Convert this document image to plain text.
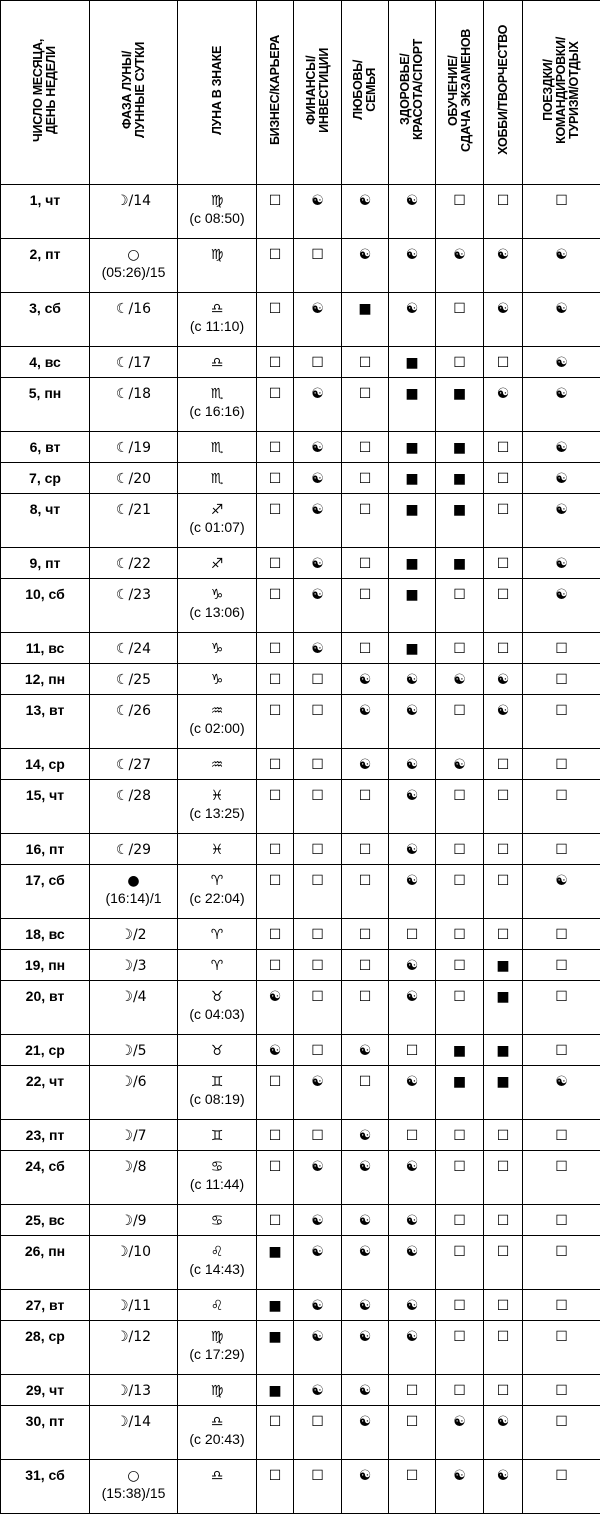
ЧИСЛО МЕСЯЦА,
ДЕНЬ НЕДЕЛИ	ФАЗА ЛУНЫ/
ЛУННЫЕ СУТКИ	ЛУНА В ЗНАКЕ	БИЗНЕС/КАРЬЕРА	ФИНАНСЫ/
ИНВЕСТИЦИИ	ЛЮБОВЬ/
СЕМЬЯ	ЗДОРОВЬЕ/
КРАСОТА/СПОРТ	ОБУЧЕНИЕ/
СДАЧА ЭКЗАМЕНОВ	ХОББИ/ТВОРЧЕСТВО	ПОЕЗДКИ/
КОМАНДИРОВКИ/
ТУРИЗМ/ОТДЫХ
1, чт	☽/14	♍
(с 08:50)	☐	☯	☯	☯	☐	☐	☐
2, пт	○
(05:26)/15	♍	☐	☐	☯	☯	☯	☯	☯
3, сб	☾/16	♎
(с 11:10)	☐	☯	■	☯	☐	☯	☯
4, вс	☾/17	♎	☐	☐	☐	■	☐	☐	☯
5, пн	☾/18	♏
(с 16:16)	☐	☯	☐	■	■	☯	☯
6, вт	☾/19	♏	☐	☯	☐	■	■	☐	☯
7, ср	☾/20	♏	☐	☯	☐	■	■	☐	☯
8, чт	☾/21	♐
(с 01:07)	☐	☯	☐	■	■	☐	☯
9, пт	☾/22	♐	☐	☯	☐	■	■	☐	☯
10, сб	☾/23	♑
(с 13:06)	☐	☯	☐	■	☐	☐	☯
11, вс	☾/24	♑	☐	☯	☐	■	☐	☐	☐
12, пн	☾/25	♑	☐	☐	☯	☯	☯	☯	☐
13, вт	☾/26	♒
(с 02:00)	☐	☐	☯	☯	☐	☯	☐
14, ср	☾/27	♒	☐	☐	☯	☯	☯	☐	☐
15, чт	☾/28	♓
(с 13:25)	☐	☐	☐	☯	☐	☐	☐
16, пт	☾/29	♓	☐	☐	☐	☯	☐	☐	☐
17, сб	●
(16:14)/1	♈
(с 22:04)	☐	☐	☐	☯	☐	☐	☯
18, вс	☽/2	♈	☐	☐	☐	☐	☐	☐	☐
19, пн	☽/3	♈	☐	☐	☐	☯	☐	■	☐
20, вт	☽/4	♉
(с 04:03)	☯	☐	☐	☯	☐	■	☐
21, ср	☽/5	♉	☯	☐	☯	☐	■	■	☐
22, чт	☽/6	♊
(с 08:19)	☐	☯	☐	☯	■	■	☯
23, пт	☽/7	♊	☐	☐	☯	☐	☐	☐	☐
24, сб	☽/8	♋
(с 11:44)	☐	☯	☯	☯	☐	☐	☐
25, вс	☽/9	♋	☐	☯	☯	☯	☐	☐	☐
26, пн	☽/10	♌
(с 14:43)	■	☯	☯	☯	☐	☐	☐
27, вт	☽/11	♌	■	☯	☯	☯	☐	☐	☐
28, ср	☽/12	♍
(с 17:29)	■	☯	☯	☯	☐	☐	☐
29, чт	☽/13	♍	■	☯	☯	☐	☐	☐	☐
30, пт	☽/14	♎
(с 20:43)	☐	☐	☯	☐	☯	☯	☐
31, сб	○
(15:38)/15	♎	☐	☐	☯	☐	☯	☯	☐
